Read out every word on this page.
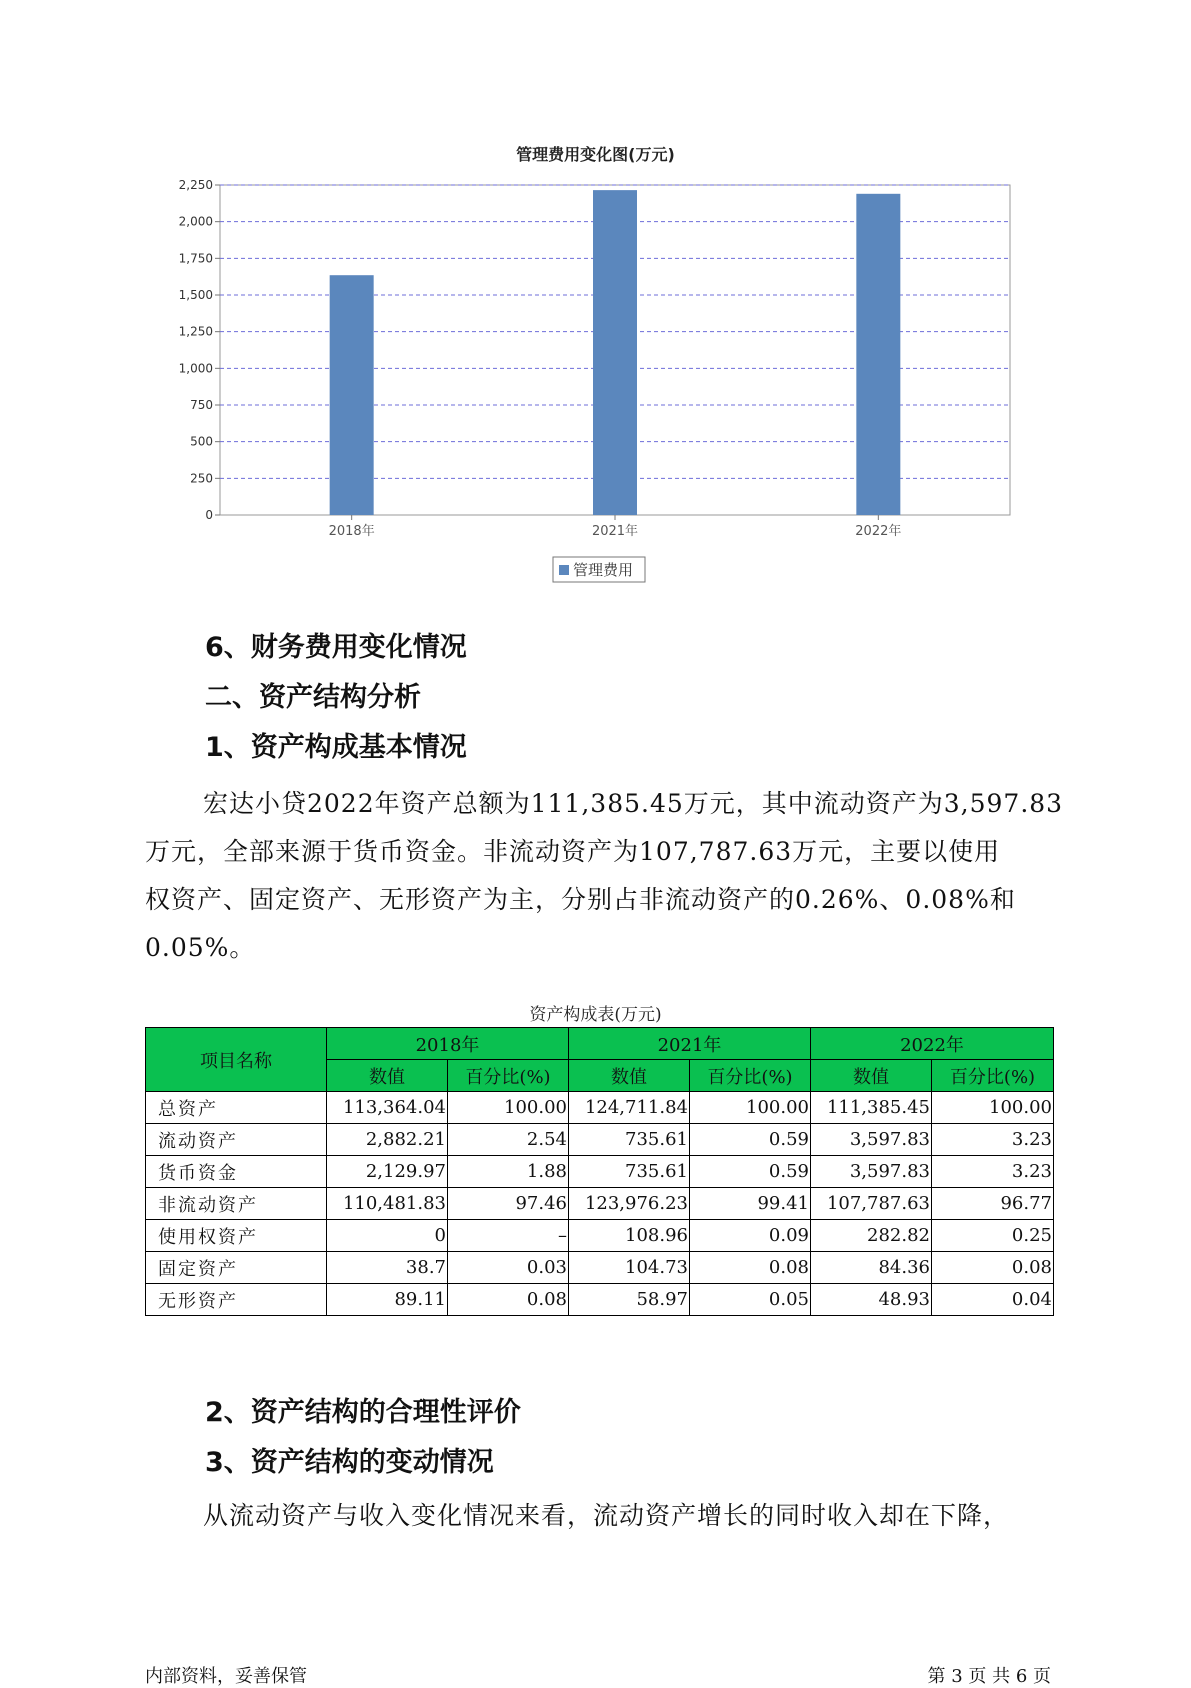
管理费用变化图(万元)
0
250
500
750
1,000
1,250
1,500
1,750
2,000
2,250
2018年	2021年	2022年
管理费用
6、财务费用变化情况
二、资产结构分析
1、资产构成基本情况
宏达小贷2022年资产总额为111,385.45万元，其中流动资产为3,597.83
万元，全部来源于货币资金。非流动资产为107,787.63万元，主要以使用
权资产、固定资产、无形资产为主，分别占非流动资产的0.26%、0.08%和
0.05%。
资产构成表(万元)
项目名称	2018年		2021年		2022年	
	数值	百分比(%)	数值	百分比(%)	数值	百分比(%)
总资产	113,364.04	100.00	124,711.84	100.00	111,385.45	100.00
流动资产	2,882.21	2.54	735.61	0.59	3,597.83	3.23
货币资金	2,129.97	1.88	735.61	0.59	3,597.83	3.23
非流动资产	110,481.83	97.46	123,976.23	99.41	107,787.63	96.77
使用权资产	0	–	108.96	0.09	282.82	0.25
固定资产	38.7	0.03	104.73	0.08	84.36	0.08
无形资产	89.11	0.08	58.97	0.05	48.93	0.04
2、资产结构的合理性评价
3、资产结构的变动情况
从流动资产与收入变化情况来看，流动资产增长的同时收入却在下降，
内部资料，妥善保管	第 3 页 共 6 页
